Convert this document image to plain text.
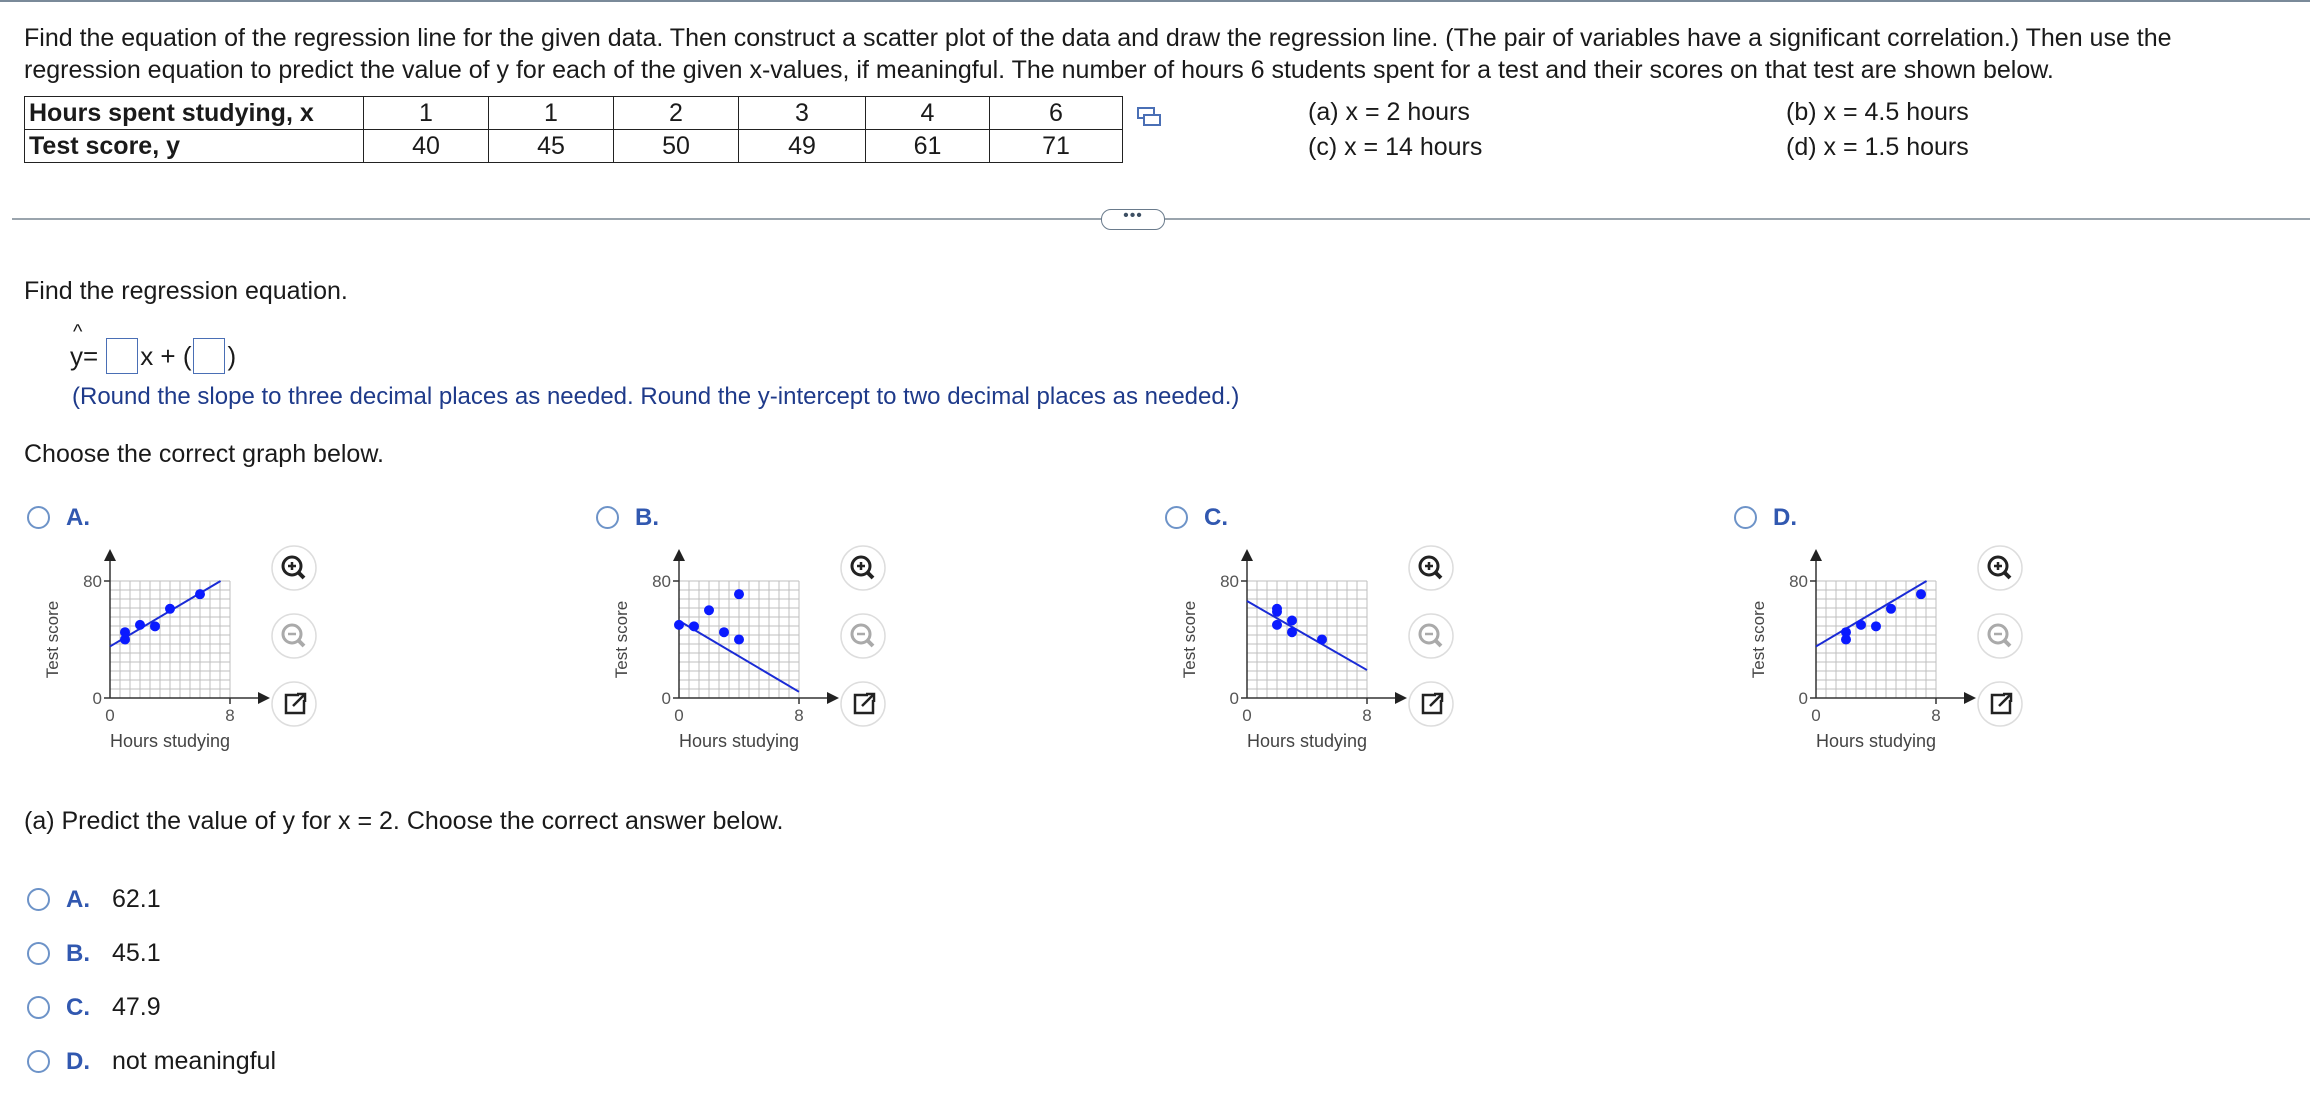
Find the equation of the regression line for the given data. Then construct a scatter plot of the data and draw the regression line. (The pair of variables have a significant correlation.) Then use the regression equation to predict the value of y for each of the given x-values, if meaningful. The number of hours 6 students spent for a test and their scores on that test are shown below.

Hours spent studying, x	1	1	2	3	4	6
Test score, y	40	45	50	49	61	71
(a) x = 2 hours	(b) x = 4.5 hours
(c) x = 14 hours	(d) x = 1.5 hours
•••
Find the regression equation.
^
y = x + ( )
(Round the slope to three decimal places as needed. Round the y-intercept to two decimal places as needed.)
Choose the correct graph below.
A.
80
0
0	8
Hours studying
Test score
B.
80
0
0	8
Hours studying
Test score
C.
80
0
0	8
Hours studying
Test score
D.
80
0
0	8
Hours studying
Test score
(a) Predict the value of y for x = 2. Choose the correct answer below.
A. 62.1
B. 45.1
C. 47.9
D. not meaningful
